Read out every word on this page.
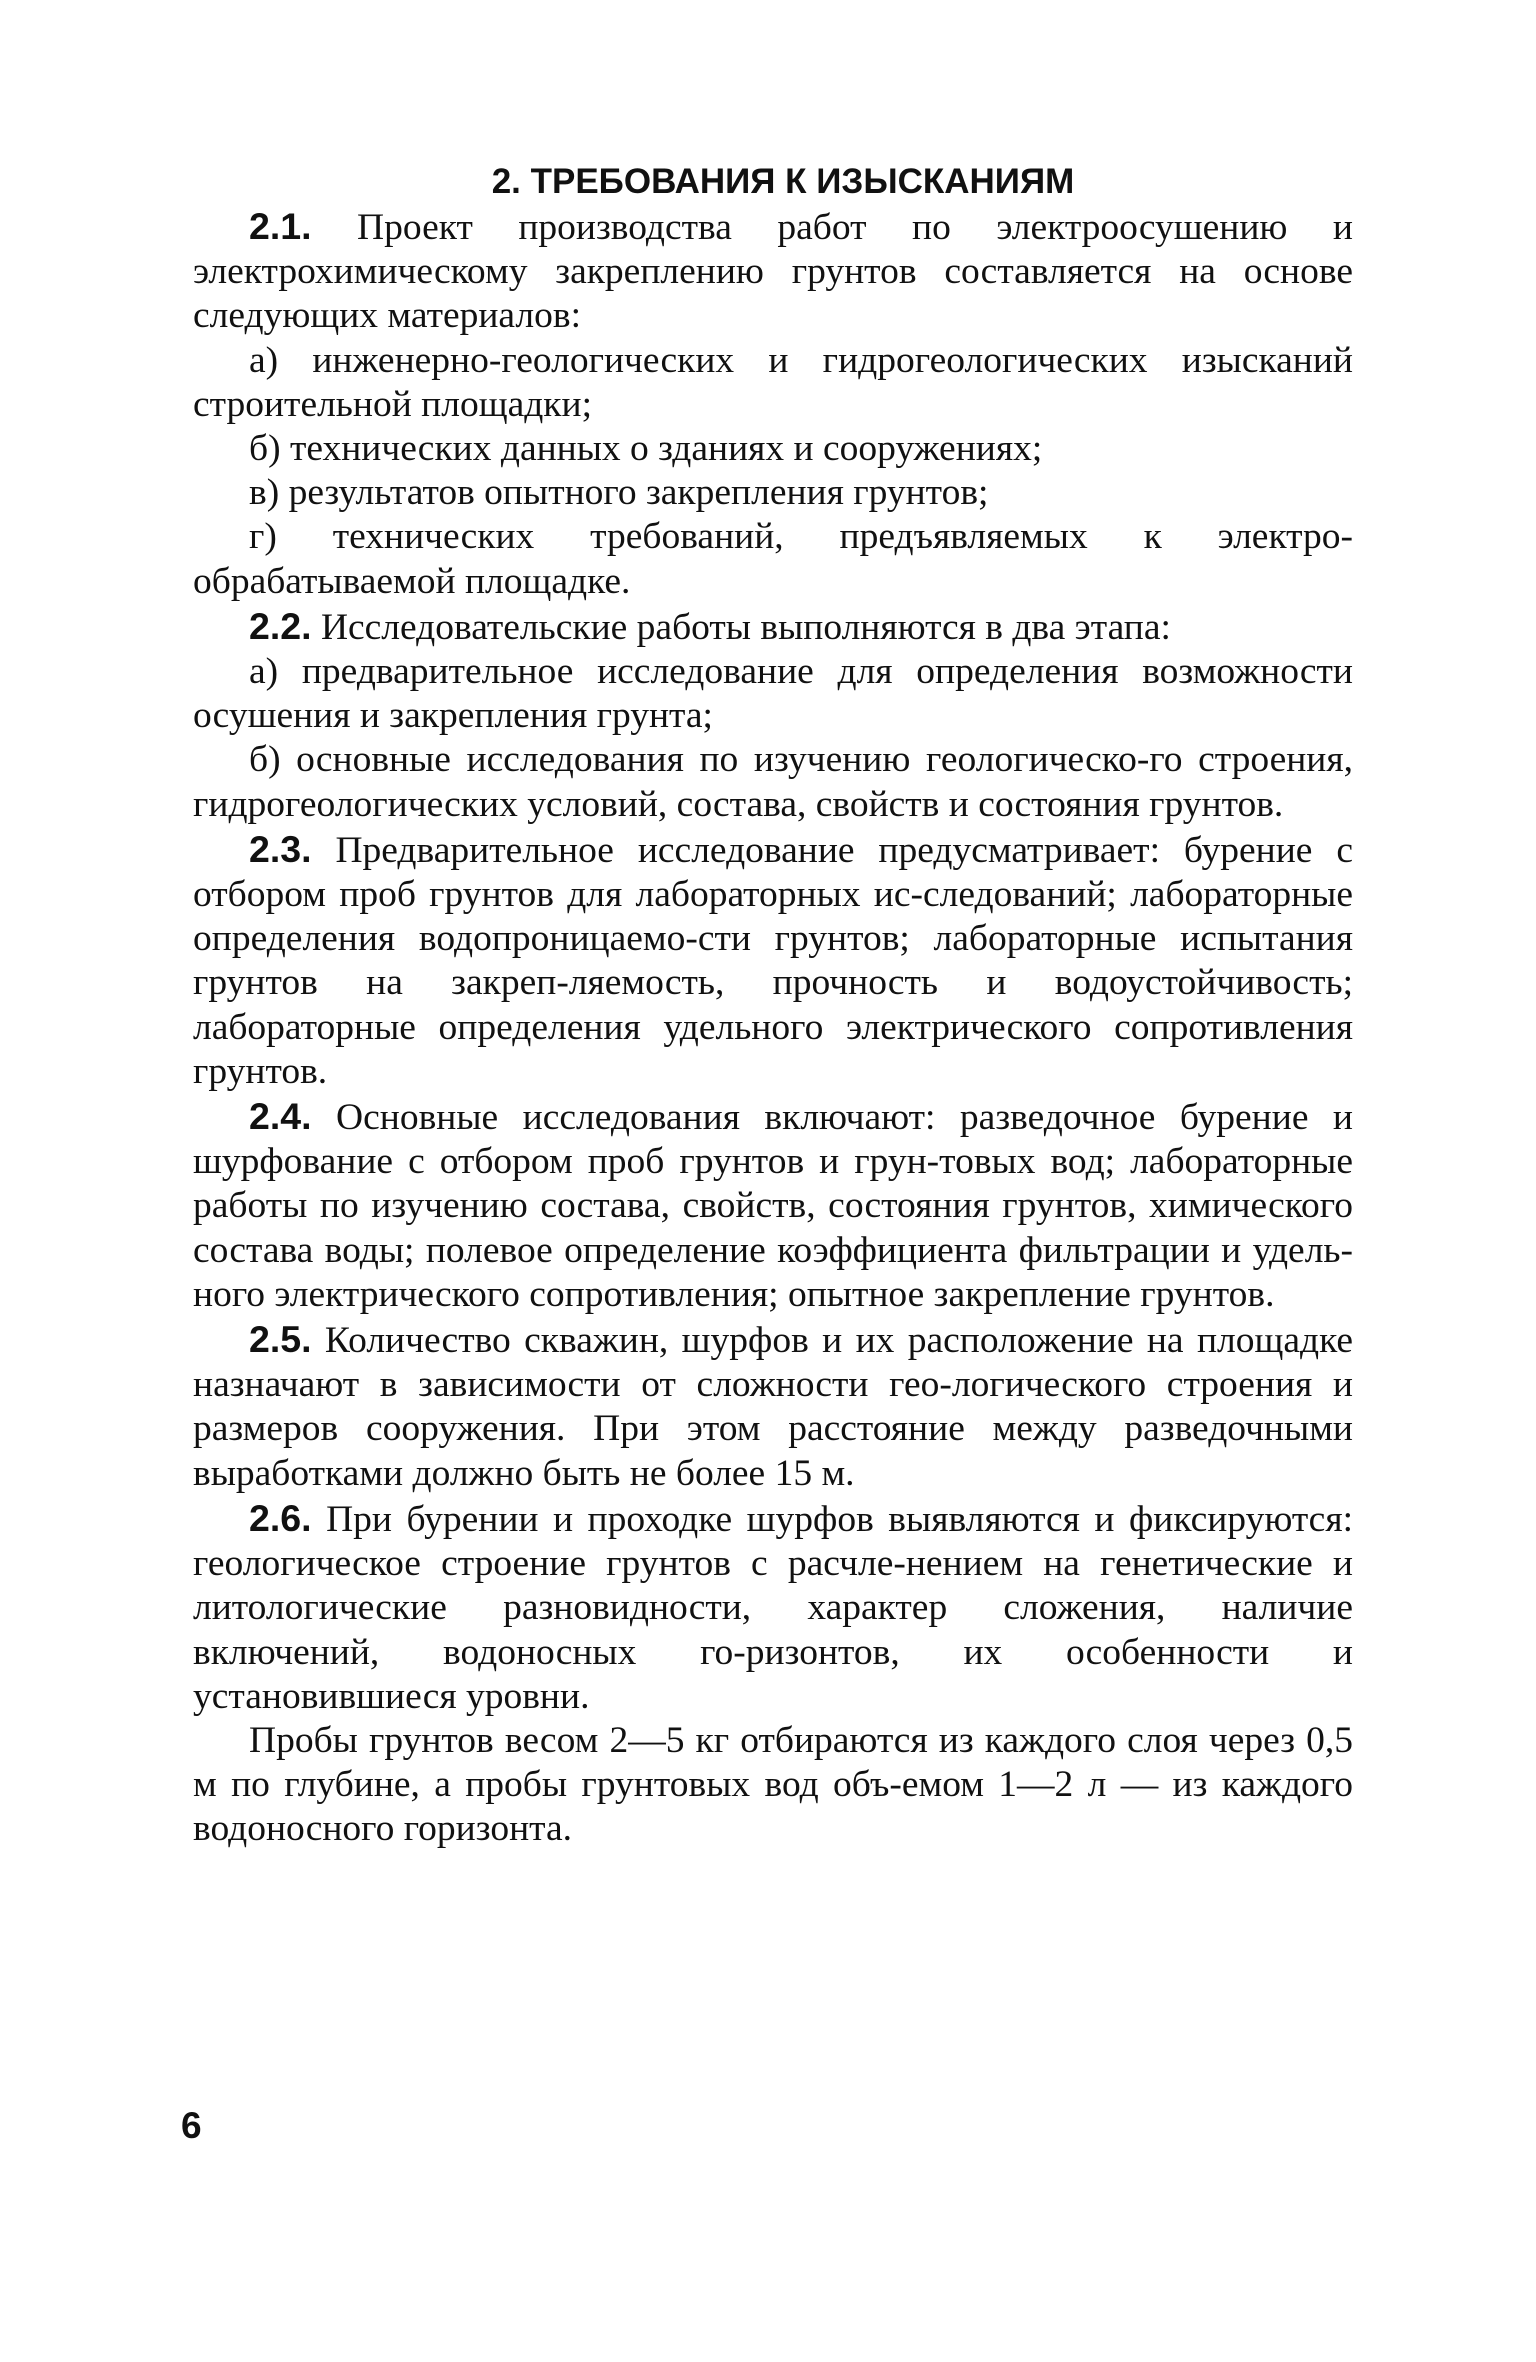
2. ТРЕБОВАНИЯ К ИЗЫСКАНИЯМ

2.1. Проект производства работ по электроосушению и электрохимическому закреплению грунтов составляется на основе следующих материалов:

а) инженерно-геологических и гидрогеологических изысканий строительной площадки;

б) технических данных о зданиях и сооружениях;

в) результатов опытного закрепления грунтов;

г) технических требований, предъявляемых к электро-обрабатываемой площадке.

2.2. Исследовательские работы выполняются в два этапа:

а) предварительное исследование для определения возможности осушения и закрепления грунта;

б) основные исследования по изучению геологическо-го строения, гидрогеологических условий, состава, свойств и состояния грунтов.

2.3. Предварительное исследование предусматривает: бурение с отбором проб грунтов для лабораторных ис-следований; лабораторные определения водопроницаемо-сти грунтов; лабораторные испытания грунтов на закреп-ляемость, прочность и водоустойчивость; лабораторные определения удельного электрического сопротивления грунтов.

2.4. Основные исследования включают: разведочное бурение и шурфование с отбором проб грунтов и грун-товых вод; лабораторные работы по изучению состава, свойств, состояния грунтов, химического состава воды; полевое определение коэффициента фильтрации и удель-ного электрического сопротивления; опытное закрепление грунтов.

2.5. Количество скважин, шурфов и их расположение на площадке назначают в зависимости от сложности гео-логического строения и размеров сооружения. При этом расстояние между разведочными выработками должно быть не более 15 м.

2.6. При бурении и проходке шурфов выявляются и фиксируются: геологическое строение грунтов с расчле-нением на генетические и литологические разновидности, характер сложения, наличие включений, водоносных го-ризонтов, их особенности и установившиеся уровни.

Пробы грунтов весом 2—5 кг отбираются из каждого слоя через 0,5 м по глубине, а пробы грунтовых вод объ-емом 1—2 л — из каждого водоносного горизонта.

6
